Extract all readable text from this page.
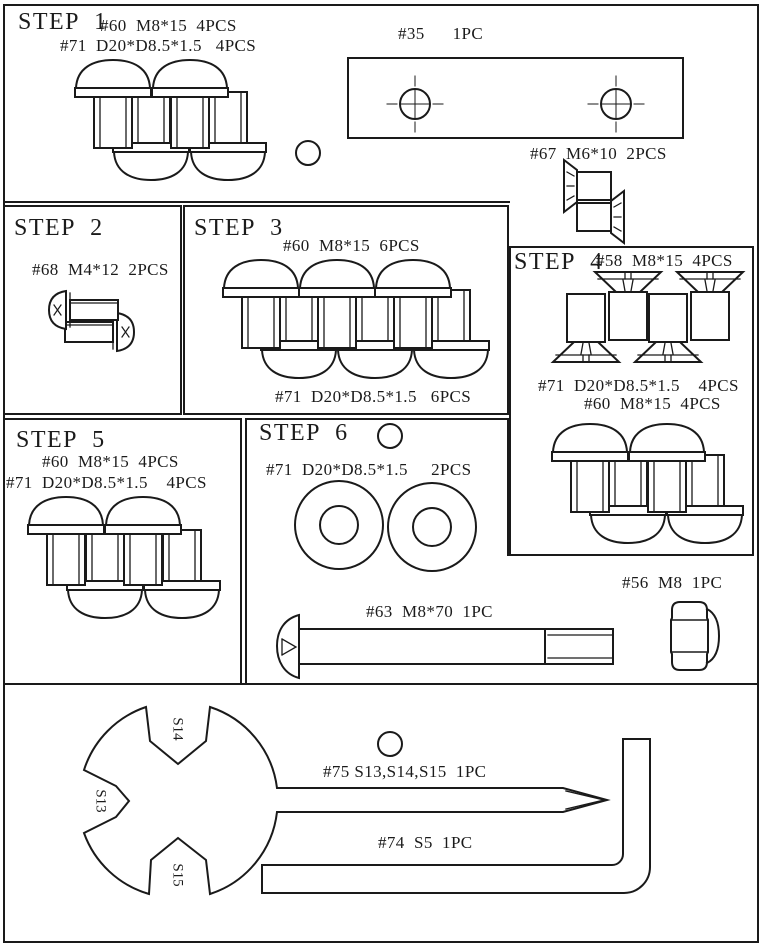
STEP  1
#60  M8*15  4PCS
#71  D20*D8.5*1.5   4PCS
#35      1PC
#67  M6*10  2PCS
STEP  2
#68  M4*12  2PCS
STEP  3
#60  M8*15  6PCS
#71  D20*D8.5*1.5   6PCS
STEP  4
#58  M8*15  4PCS
#71  D20*D8.5*1.5    4PCS
#60  M8*15  4PCS
STEP  5
#60  M8*15  4PCS
#71  D20*D8.5*1.5    4PCS
STEP  6
#71  D20*D8.5*1.5     2PCS
#56  M8  1PC
#63  M8*70  1PC
#75 S13,S14,S15  1PC
#74  S5  1PC
S14
S13
S15
